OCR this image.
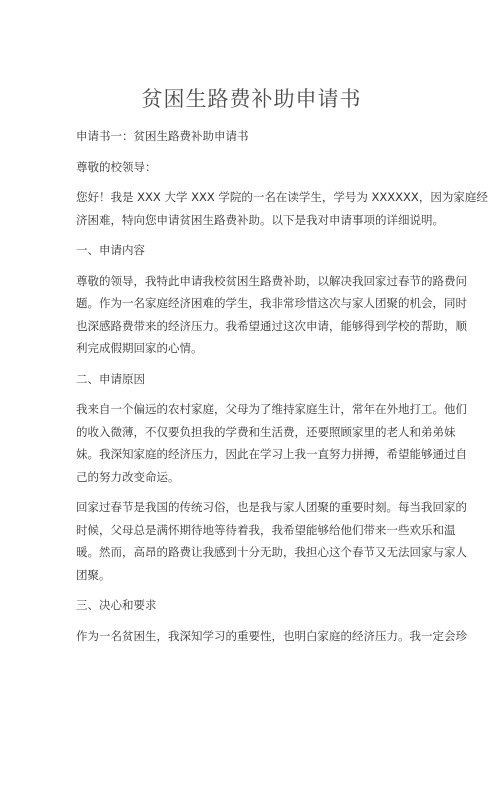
贫困生路费补助申请书

申请书一：贫困生路费补助申请书

尊敬的校领导：

您好！我是 XXX 大学 XXX 学院的一名在读学生，学号为 XXXXXX，因为家庭经
济困难，特向您申请贫困生路费补助。以下是我对申请事项的详细说明。

一、申请内容

尊敬的领导，我特此申请我校贫困生路费补助，以解决我回家过春节的路费问
题。作为一名家庭经济困难的学生，我非常珍惜这次与家人团聚的机会，同时
也深感路费带来的经济压力。我希望通过这次申请，能够得到学校的帮助，顺
利完成假期回家的心情。

二、申请原因

我来自一个偏远的农村家庭，父母为了维持家庭生计，常年在外地打工。他们
的收入微薄，不仅要负担我的学费和生活费，还要照顾家里的老人和弟弟妹
妹。我深知家庭的经济压力，因此在学习上我一直努力拼搏，希望能够通过自
己的努力改变命运。

回家过春节是我国的传统习俗，也是我与家人团聚的重要时刻。每当我回家的
时候，父母总是满怀期待地等待着我，我希望能够给他们带来一些欢乐和温
暖。然而，高昂的路费让我感到十分无助，我担心这个春节又无法回家与家人
团聚。

三、决心和要求

作为一名贫困生，我深知学习的重要性，也明白家庭的经济压力。我一定会珍
